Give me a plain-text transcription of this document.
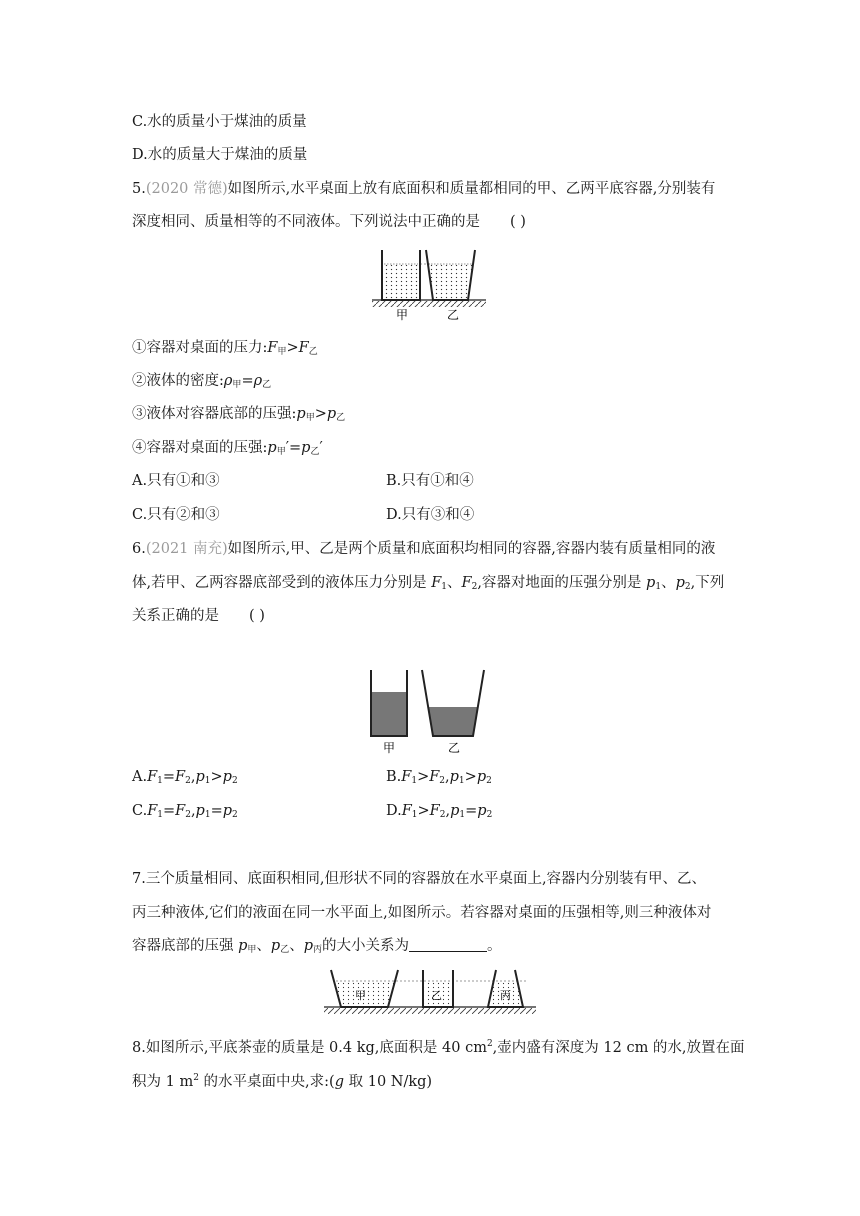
C.水的质量小于煤油的质量
D.水的质量大于煤油的质量
5.(2020 常德)如图所示,水平桌面上放有底面积和质量都相同的甲、乙两平底容器,分别装有
深度相同、质量相等的不同液体。下列说法中正确的是 ( )
甲	乙
①容器对桌面的压力$:F_甲>F_乙$
②液体的密度$:\rho_甲=\rho_乙$
③液体对容器底部的压强$:p_甲>p_乙$
④容器对桌面的压强$:p_甲'=p_乙'$
A.只有①和③	B.只有①和④
C.只有②和③	D.只有③和④
6.(2021 南充)如图所示,甲、乙是两个质量和底面积均相同的容器,容器内装有质量相同的液
体,若甲、乙两容器底部受到的液体压力分别是 $F_1$、$F_2$,容器对地面的压强分别是 $p_1$、$p_2$,下列
关系正确的是 ( )
甲	乙
$A.F_1=F_2,p_1>p_2$	$B.F_1>F_2,p_1>p_2$
$C.F_1=F_2,p_1=p_2$	$D.F_1>F_2,p_1=p_2$
7.三个质量相同、底面积相同,但形状不同的容器放在水平桌面上,容器内分别装有甲、乙、
丙三种液体,它们的液面在同一水平面上,如图所示。若容器对桌面的压强相等,则三种液体对
容器底部的压强 $p_甲$、$p_乙$、$p_丙$的大小关系为	。
甲	乙	丙
8.如图所示,平底茶壶的质量是 0.4 kg,底面积是 40 $cm^2$,壶内盛有深度为 12 cm 的水,放置在面
积为 1 $m^2$ 的水平桌面中央,求:(g 取 10 N/kg)
